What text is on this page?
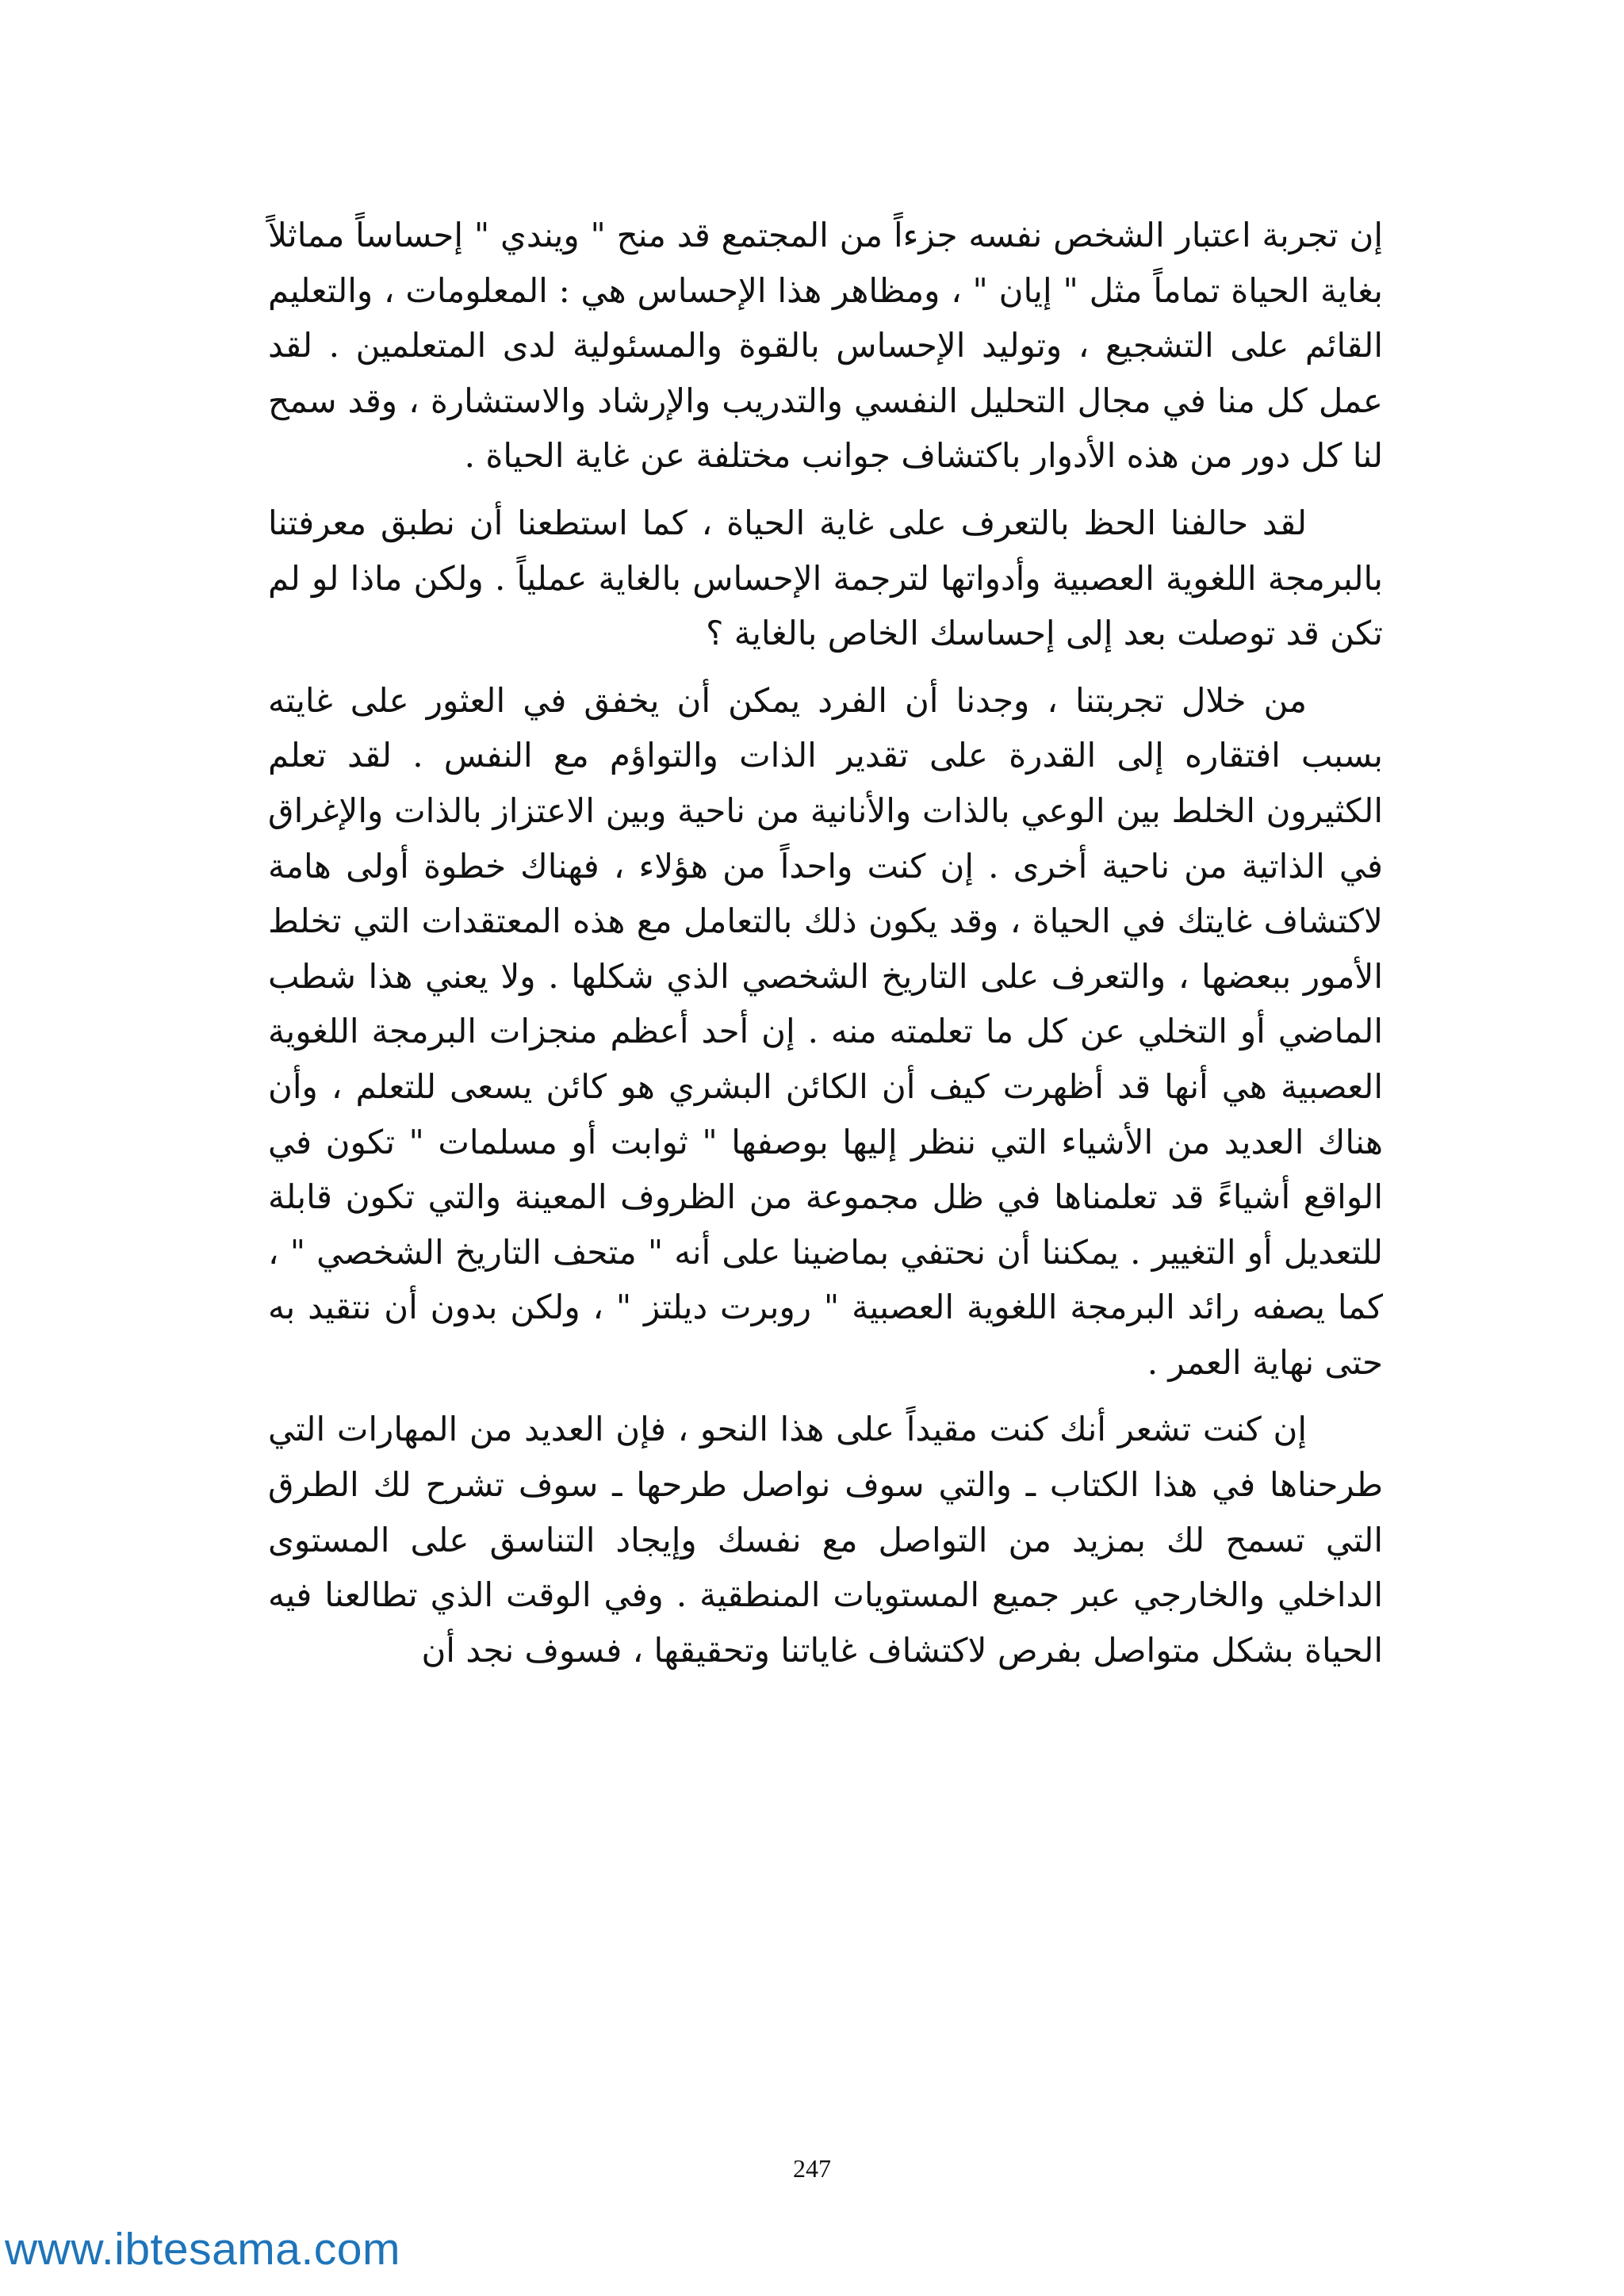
إن تجربة اعتبار الشخص نفسه جزءاً من المجتمع قد منح " ويندي " إحساساً مماثلاً بغاية الحياة تماماً مثل " إيان " ، ومظاهر هذا الإحساس هي : المعلومات ، والتعليم القائم على التشجيع ، وتوليد الإحساس بالقوة والمسئولية لدى المتعلمين . لقد عمل كل منا في مجال التحليل النفسي والتدريب والإرشاد والاستشارة ، وقد سمح لنا كل دور من هذه الأدوار باكتشاف جوانب مختلفة عن غاية الحياة .

لقد حالفنا الحظ بالتعرف على غاية الحياة ، كما استطعنا أن نطبق معرفتنا بالبرمجة اللغوية العصبية وأدواتها لترجمة الإحساس بالغاية عملياً . ولكن ماذا لو لم تكن قد توصلت بعد إلى إحساسك الخاص بالغاية ؟

من خلال تجربتنا ، وجدنا أن الفرد يمكن أن يخفق في العثور على غايته بسبب افتقاره إلى القدرة على تقدير الذات والتواؤم مع النفس . لقد تعلم الكثيرون الخلط بين الوعي بالذات والأنانية من ناحية وبين الاعتزاز بالذات والإغراق في الذاتية من ناحية أخرى . إن كنت واحداً من هؤلاء ، فهناك خطوة أولى هامة لاكتشاف غايتك في الحياة ، وقد يكون ذلك بالتعامل مع هذه المعتقدات التي تخلط الأمور ببعضها ، والتعرف على التاريخ الشخصي الذي شكلها . ولا يعني هذا شطب الماضي أو التخلي عن كل ما تعلمته منه . إن أحد أعظم منجزات البرمجة اللغوية العصبية هي أنها قد أظهرت كيف أن الكائن البشري هو كائن يسعى للتعلم ، وأن هناك العديد من الأشياء التي ننظر إليها بوصفها " ثوابت أو مسلمات " تكون في الواقع أشياءً قد تعلمناها في ظل مجموعة من الظروف المعينة والتي تكون قابلة للتعديل أو التغيير . يمكننا أن نحتفي بماضينا على أنه " متحف التاريخ الشخصي " ، كما يصفه رائد البرمجة اللغوية العصبية " روبرت ديلتز " ، ولكن بدون أن نتقيد به حتى نهاية العمر .

إن كنت تشعر أنك كنت مقيداً على هذا النحو ، فإن العديد من المهارات التي طرحناها في هذا الكتاب ـ والتي سوف نواصل طرحها ـ سوف تشرح لك الطرق التي تسمح لك بمزيد من التواصل مع نفسك وإيجاد التناسق على المستوى الداخلي والخارجي عبر جميع المستويات المنطقية . وفي الوقت الذي تطالعنا فيه الحياة بشكل متواصل بفرص لاكتشاف غاياتنا وتحقيقها ، فسوف نجد أن

247
www.ibtesama.com
